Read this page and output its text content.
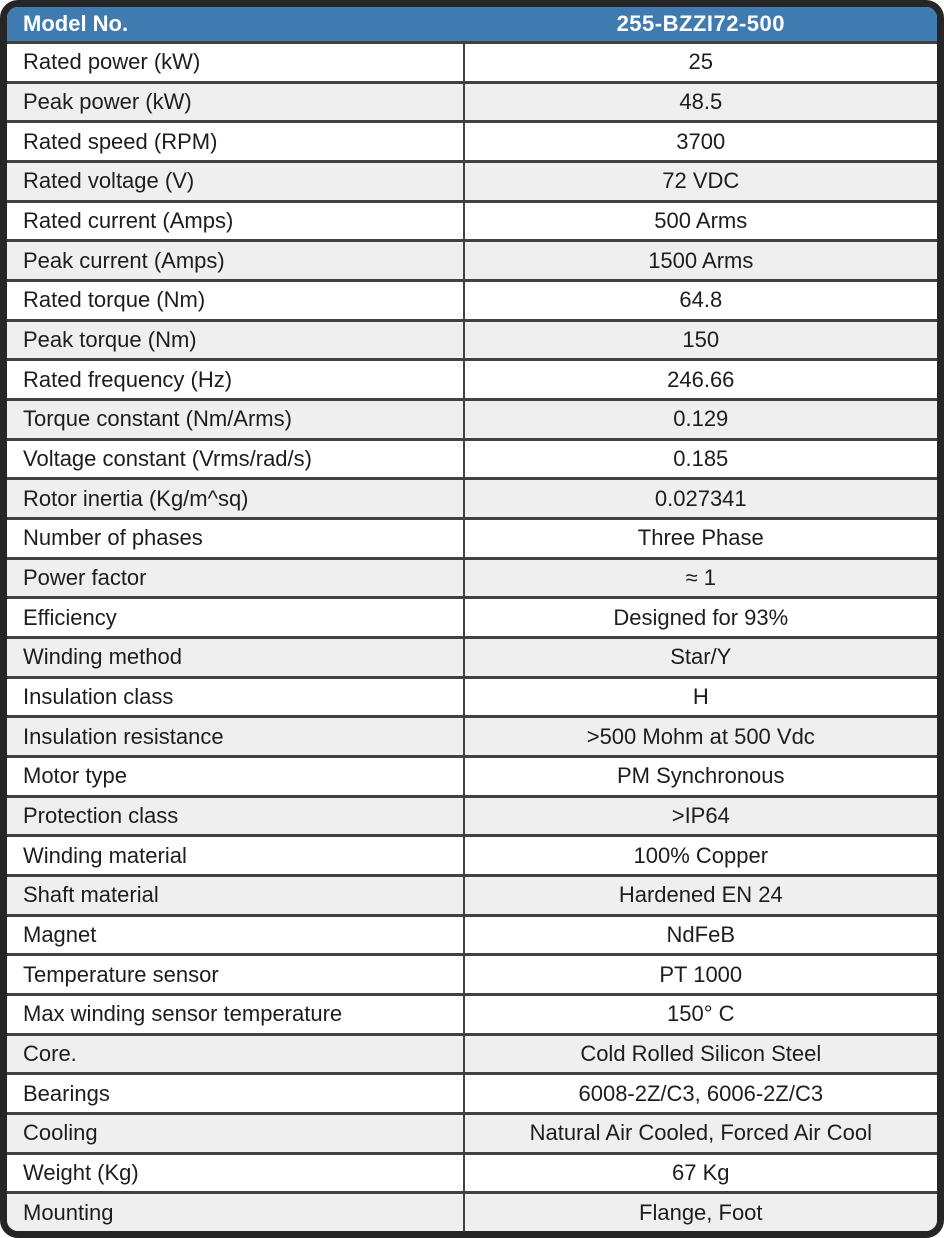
Model No.	255-BZZI72-500
Rated power (kW)	25
Peak power (kW)	48.5
Rated speed (RPM)	3700
Rated voltage (V)	72 VDC
Rated current (Amps)	500 Arms
Peak current (Amps)	1500 Arms
Rated torque (Nm)	64.8
Peak torque (Nm)	150
Rated frequency (Hz)	246.66
Torque constant (Nm/Arms)	0.129
Voltage constant (Vrms/rad/s)	0.185
Rotor inertia (Kg/m^sq)	0.027341
Number of phases	Three Phase
Power factor	≈ 1
Efficiency	Designed for 93%
Winding method	Star/Y
Insulation class	H
Insulation resistance	>500 Mohm at 500 Vdc
Motor type	PM Synchronous
Protection class	>IP64
Winding material	100% Copper
Shaft material	Hardened EN 24
Magnet	NdFeB
Temperature sensor	PT 1000
Max winding sensor temperature	150° C
Core.	Cold Rolled Silicon Steel
Bearings	6008-2Z/C3, 6006-2Z/C3
Cooling	Natural Air Cooled, Forced Air Cool
Weight (Kg)	67 Kg
Mounting	Flange, Foot
